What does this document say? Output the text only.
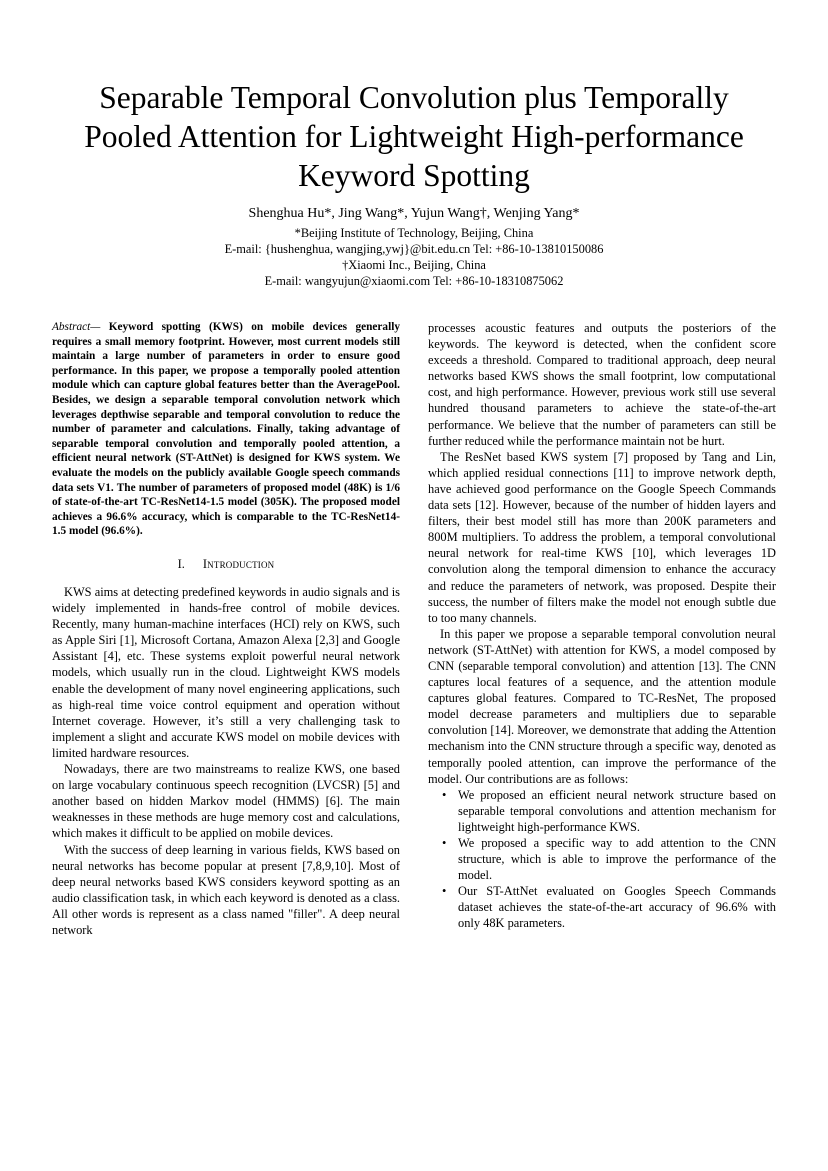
Separable Temporal Convolution plus Temporally
Pooled Attention for Lightweight High-performance
Keyword Spotting
Shenghua Hu*, Jing Wang*, Yujun Wang†, Wenjing Yang*
*Beijing Institute of Technology, Beijing, China
E-mail: {hushenghua, wangjing,ywj}@bit.edu.cn Tel: +86-10-13810150086
†Xiaomi Inc., Beijing, China
E-mail: wangyujun@xiaomi.com Tel: +86-10-18310875062

Abstract— Keyword spotting (KWS) on mobile devices generally requires a small memory footprint. However, most current models still maintain a large number of parameters in order to ensure good performance. In this paper, we propose a temporally pooled attention module which can capture global features better than the AveragePool. Besides, we design a separable temporal convolution network which leverages depthwise separable and temporal convolution to reduce the number of parameter and calculations. Finally, taking advantage of separable temporal convolution and temporally pooled attention, a efficient neural network (ST-AttNet) is designed for KWS system. We evaluate the models on the publicly available Google speech commands data sets V1. The number of parameters of proposed model (48K) is 1/6 of state-of-the-art TC-ResNet14-1.5 model (305K). The proposed model achieves a 96.6% accuracy, which is comparable to the TC-ResNet14-1.5 model (96.6%).

I. Introduction

KWS aims at detecting predefined keywords in audio signals and is widely implemented in hands-free control of mobile devices. Recently, many human-machine interfaces (HCI) rely on KWS, such as Apple Siri [1], Microsoft Cortana, Amazon Alexa [2,3] and Google Assistant [4], etc. These systems exploit powerful neural network models, which usually run in the cloud. Lightweight KWS models enable the development of many novel engineering applications, such as high-real time voice control equipment and operation without Internet coverage. However, it’s still a very challenging task to implement a slight and accurate KWS model on mobile devices with limited hardware resources.

Nowadays, there are two mainstreams to realize KWS, one based on large vocabulary continuous speech recognition (LVCSR) [5] and another based on hidden Markov model (HMMS) [6]. The main weaknesses in these methods are huge memory cost and calculations, which makes it difficult to be applied on mobile devices.

With the success of deep learning in various fields, KWS based on neural networks has become popular at present [7,8,9,10]. Most of deep neural networks based KWS considers keyword spotting as an audio classification task, in which each keyword is denoted as a class. All other words is represent as a class named "filler". A deep neural network

processes acoustic features and outputs the posteriors of the keywords. The keyword is detected, when the confident score exceeds a threshold. Compared to traditional approach, deep neural networks based KWS shows the small footprint, low computational cost, and high performance. However, previous work still use several hundred thousand parameters to achieve the state-of-the-art performance. We believe that the number of parameters can still be further reduced while the performance maintain not be hurt.

The ResNet based KWS system [7] proposed by Tang and Lin, which applied residual connections [11] to improve network depth, have achieved good performance on the Google Speech Commands data sets [12]. However, because of the number of hidden layers and filters, their best model still has more than 200K parameters and 800M multipliers. To address the problem, a temporal convolutional neural network for real-time KWS [10], which leverages 1D convolution along the temporal dimension to enhance the accuracy and reduce the parameters of network, was proposed. Despite their success, the number of filters make the model not enough subtle due to too many channels.

In this paper we propose a separable temporal convolution neural network (ST-AttNet) with attention for KWS, a model composed by CNN (separable temporal convolution) and attention [13]. The CNN captures local features of a sequence, and the attention module captures global features. Compared to TC-ResNet, The proposed model decrease parameters and multipliers due to separable convolution [14]. Moreover, we demonstrate that adding the Attention mechanism into the CNN structure through a specific way, denoted as temporally pooled attention, can improve the performance of the model. Our contributions are as follows:

• We proposed an efficient neural network structure based on separable temporal convolutions and attention mechanism for lightweight high-performance KWS.
• We proposed a specific way to add attention to the CNN structure, which is able to improve the performance of the model.
• Our ST-AttNet evaluated on Googles Speech Commands dataset achieves the state-of-the-art accuracy of 96.6% with only 48K parameters.
